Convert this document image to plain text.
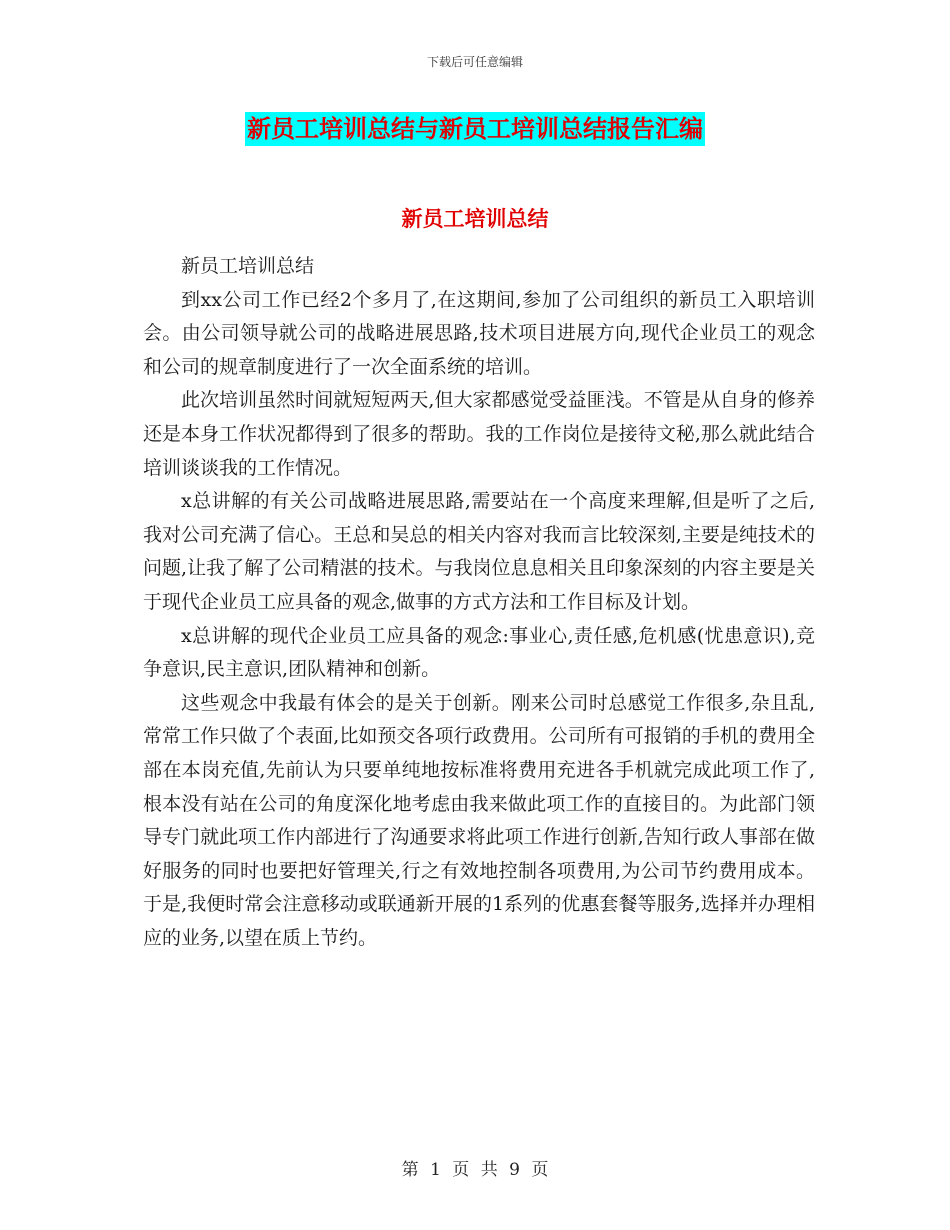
下载后可任意编辑
新员工培训总结与新员工培训总结报告汇编
新员工培训总结

新员工培训总结

到xx公司工作已经2个多月了,在这期间,参加了公司组织的新员工入职培训会。由公司领导就公司的战略进展思路,技术项目进展方向,现代企业员工的观念和公司的规章制度进行了一次全面系统的培训。

此次培训虽然时间就短短两天,但大家都感觉受益匪浅。不管是从自身的修养还是本身工作状况都得到了很多的帮助。我的工作岗位是接待文秘,那么就此结合培训谈谈我的工作情况。

x总讲解的有关公司战略进展思路,需要站在一个高度来理解,但是听了之后,我对公司充满了信心。王总和吴总的相关内容对我而言比较深刻,主要是纯技术的问题,让我了解了公司精湛的技术。与我岗位息息相关且印象深刻的内容主要是关于现代企业员工应具备的观念,做事的方式方法和工作目标及计划。

x总讲解的现代企业员工应具备的观念:事业心,责任感,危机感(忧患意识),竞争意识,民主意识,团队精神和创新。

这些观念中我最有体会的是关于创新。刚来公司时总感觉工作很多,杂且乱,常常工作只做了个表面,比如预交各项行政费用。公司所有可报销的手机的费用全部在本岗充值,先前认为只要单纯地按标准将费用充进各手机就完成此项工作了,根本没有站在公司的角度深化地考虑由我来做此项工作的直接目的。为此部门领导专门就此项工作内部进行了沟通要求将此项工作进行创新,告知行政人事部在做好服务的同时也要把好管理关,行之有效地控制各项费用,为公司节约费用成本。于是,我便时常会注意移动或联通新开展的1系列的优惠套餐等服务,选择并办理相应的业务,以望在质上节约。

第 1 页 共 9 页
